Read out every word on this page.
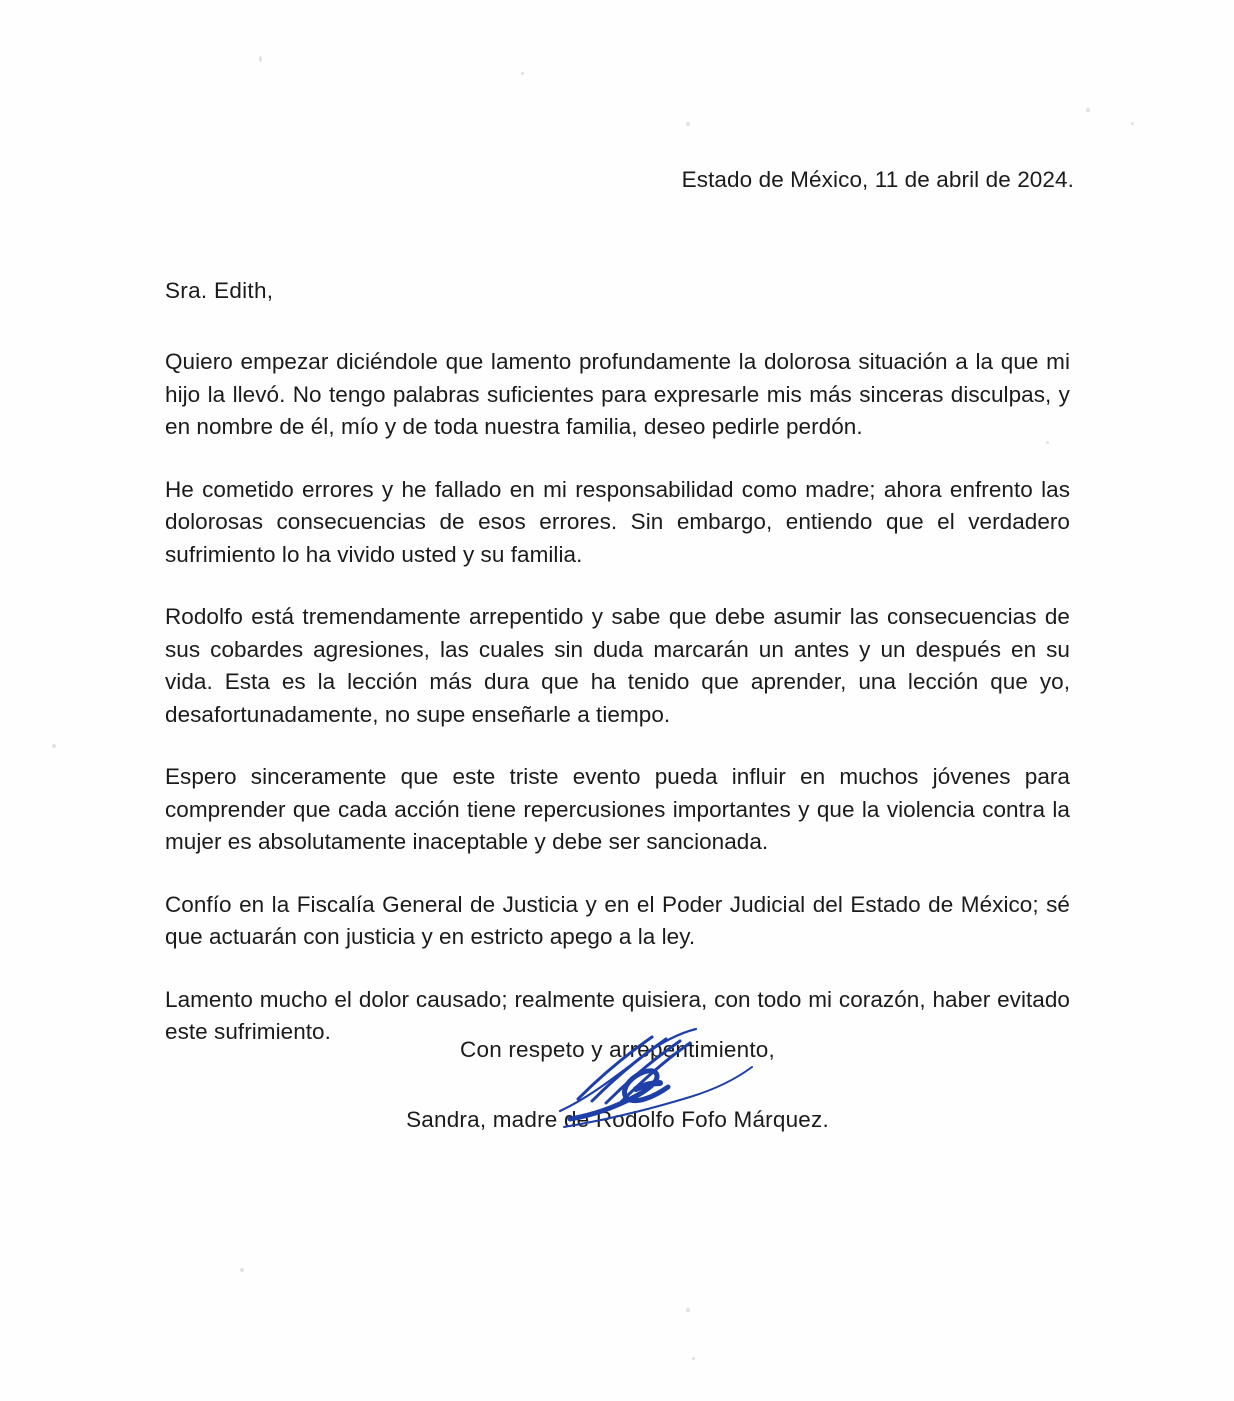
Estado de México, 11 de abril de 2024.

Sra. Edith,

Quiero empezar diciéndole que lamento profundamente la dolorosa situación a la que mi hijo la llevó. No tengo palabras suficientes para expresarle mis más sinceras disculpas, y en nombre de él, mío y de toda nuestra familia, deseo pedirle perdón.

He cometido errores y he fallado en mi responsabilidad como madre; ahora enfrento las dolorosas consecuencias de esos errores. Sin embargo, entiendo que el verdadero sufrimiento lo ha vivido usted y su familia.

Rodolfo está tremendamente arrepentido y sabe que debe asumir las consecuencias de sus cobardes agresiones, las cuales sin duda marcarán un antes y un después en su vida. Esta es la lección más dura que ha tenido que aprender, una lección que yo, desafortunadamente, no supe enseñarle a tiempo.

Espero sinceramente que este triste evento pueda influir en muchos jóvenes para comprender que cada acción tiene repercusiones importantes y que la violencia contra la mujer es absolutamente inaceptable y debe ser sancionada.

Confío en la Fiscalía General de Justicia y en el Poder Judicial del Estado de México; sé que actuarán con justicia y en estricto apego a la ley.

Lamento mucho el dolor causado; realmente quisiera, con todo mi corazón, haber evitado este sufrimiento.

Con respeto y arrepentimiento,

Sandra, madre de Rodolfo Fofo Márquez.
